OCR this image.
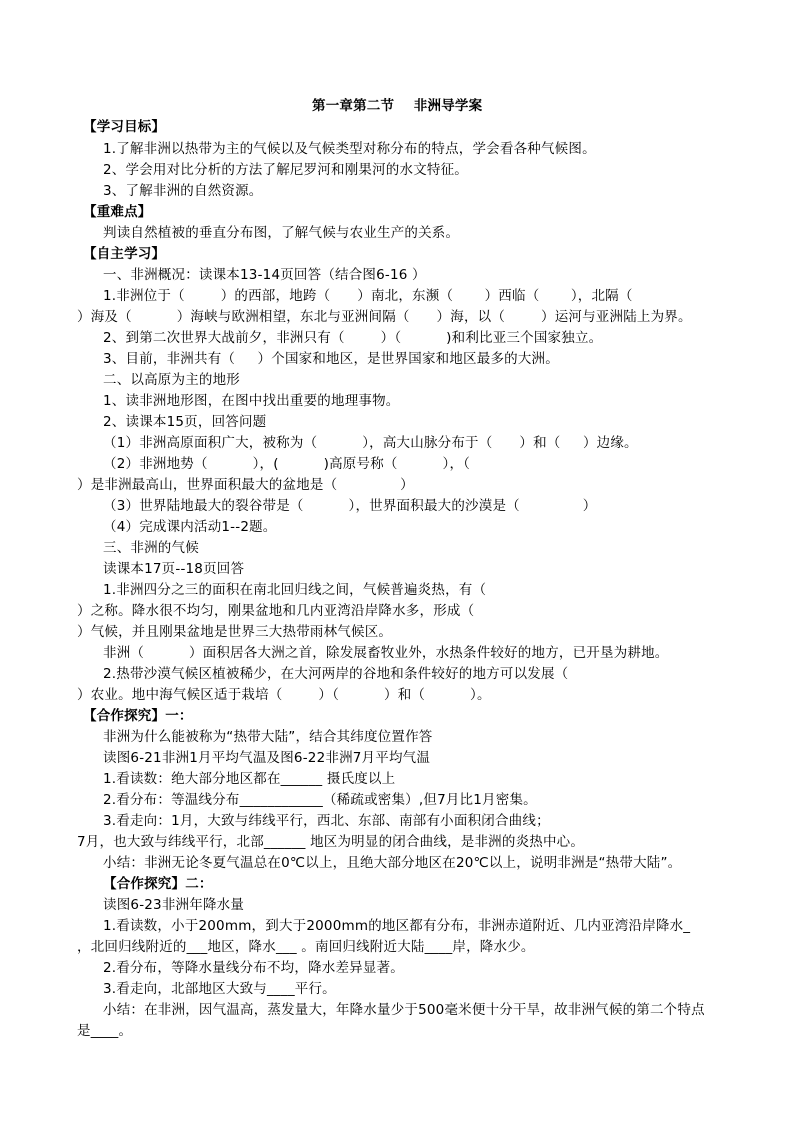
第一章第二节    非洲导学案

【学习目标】

1.了解非洲以热带为主的气候以及气候类型对称分布的特点，学会看各种气候图。

2、学会用对比分析的方法了解尼罗河和刚果河的水文特征。

3、了解非洲的自然资源。

【重难点】

判读自然植被的垂直分布图，了解气候与农业生产的关系。

【自主学习】

一、非洲概况：读课本13-14页回答（结合图6-16 ）

1.非洲位于（        ）的西部，地跨（      ）南北，东濒（       ）西临（       ），北隔（

）海及（          ）海峡与欧洲相望，东北与亚洲间隔（      ）海，以（        ）运河与亚洲陆上为界。

2、到第二次世界大战前夕，非洲只有（        ）（          )和利比亚三个国家独立。

3、目前，非洲共有（     ）个国家和地区，是世界国家和地区最多的大洲。

二、以高原为主的地形

1、读非洲地形图，在图中找出重要的地理事物。

2、读课本15页，回答问题

（1）非洲高原面积广大，被称为（          ），高大山脉分布于（      ）和（     ）边缘。

（2）非洲地势（          ），(          )高原号称（          ），（

）是非洲最高山，世界面积最大的盆地是（              ）

（3）世界陆地最大的裂谷带是（          ），世界面积最大的沙漠是（              ）

（4）完成课内活动1--2题。

三、非洲的气候

读课本17页--18页回答

1.非洲四分之三的面积在南北回归线之间，气候普遍炎热，有（

）之称。降水很不均匀，刚果盆地和几内亚湾沿岸降水多，形成（

）气候，并且刚果盆地是世界三大热带雨林气候区。

非洲（          ）面积居各大洲之首，除发展畜牧业外，水热条件较好的地方，已开垦为耕地。

2.热带沙漠气候区植被稀少，在大河两岸的谷地和条件较好的地方可以发展（

）农业。地中海气候区适于栽培（        ）（          ）和（          ）。

【合作探究】一：

非洲为什么能被称为“热带大陆”，结合其纬度位置作答

读图6-21非洲1月平均气温及图6-22非洲7月平均气温

1.看读数：绝大部分地区都在______ 摄氏度以上

2.看分布：等温线分布____________（稀疏或密集）,但7月比1月密集。

3.看走向：1月，大致与纬线平行，西北、东部、南部有小面积闭合曲线；

7月，也大致与纬线平行，北部______ 地区为明显的闭合曲线，是非洲的炎热中心。

小结：非洲无论冬夏气温总在0℃以上，且绝大部分地区在20℃以上，说明非洲是“热带大陆”。

【合作探究】二：

读图6-23非洲年降水量

1.看读数，小于200mm，到大于2000mm的地区都有分布，非洲赤道附近、几内亚湾沿岸降水_

，北回归线附近的___地区，降水___ 。南回归线附近大陆____岸，降水少。

2.看分布，等降水量线分布不均，降水差异显著。

3.看走向，北部地区大致与____平行。

小结：在非洲，因气温高，蒸发量大，年降水量少于500毫米便十分干旱，故非洲气候的第二个特点

是____。
